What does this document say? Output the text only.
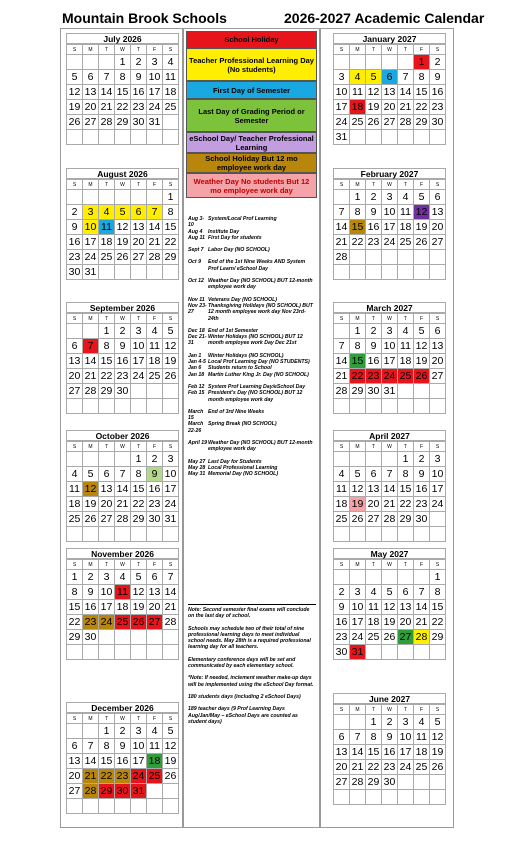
Mountain Brook Schools	2026-2027 Academic Calendar
July 2026
S	M	T	W	T	F	S
			1	2	3	4
5	6	7	8	9	10	11
12	13	14	15	16	17	18
19	20	21	22	23	24	25
26	27	28	29	30	31	

August 2026
S	M	T	W	T	F	S
						1
2	3	4	5	6	7	8
9	10	11	12	13	14	15
16	17	18	19	20	21	22
23	24	25	26	27	28	29
30	31					
September 2026
S	M	T	W	T	F	S
		1	2	3	4	5
6	7	8	9	10	11	12
13	14	15	16	17	18	19
20	21	22	23	24	25	26
27	28	29	30			

October 2026
S	M	T	W	T	F	S
				1	2	3
4	5	6	7	8	9	10
11	12	13	14	15	16	17
18	19	20	21	22	23	24
25	26	27	28	29	30	31

November 2026
S	M	T	W	T	F	S
1	2	3	4	5	6	7
8	9	10	11	12	13	14
15	16	17	18	19	20	21
22	23	24	25	26	27	28
29	30					

December 2026
S	M	T	W	T	F	S
		1	2	3	4	5
6	7	8	9	10	11	12
13	14	15	16	17	18	19
20	21	22	23	24	25	26
27	28	29	30	31		

January 2027
S	M	T	W	T	F	S
					1	2
3	4	5	6	7	8	9
10	11	12	13	14	15	16
17	18	19	20	21	22	23
24	25	26	27	28	29	30
31						
February 2027
S	M	T	W	T	F	S
	1	2	3	4	5	6
7	8	9	10	11	12	13
14	15	16	17	18	19	20
21	22	23	24	25	26	27
28						

March 2027
S	M	T	W	T	F	S
	1	2	3	4	5	6
7	8	9	10	11	12	13
14	15	16	17	18	19	20
21	22	23	24	25	26	27
28	29	30	31			

April 2027
S	M	T	W	T	F	S
				1	2	3
4	5	6	7	8	9	10
11	12	13	14	15	16	17
18	19	20	21	22	23	24
25	26	27	28	29	30	

May 2027
S	M	T	W	T	F	S
						1
2	3	4	5	6	7	8
9	10	11	12	13	14	15
16	17	18	19	20	21	22
23	24	25	26	27	28	29
30	31					
June 2027
S	M	T	W	T	F	S
		1	2	3	4	5
6	7	8	9	10	11	12
13	14	15	16	17	18	19
20	21	22	23	24	25	26
27	28	29	30			

School Holiday
Teacher Professional Learning Day (No students)
First Day of Semester
Last Day of Grading Period or Semester
eSchool Day/ Teacher Professional Learning
School Holiday But 12 mo employee work day
Weather Day No students But 12 mo employee work day
Aug 3-10
System/Local Prof Learning
Aug 4	Institute Day
Aug 11 First Day for students
Sept 7 Labor Day (NO SCHOOL)
Oct 9	End of the 1st Nine Weeks AND System Prof Learn/ eSchool Day
Oct 12 Weather Day (NO SCHOOL) BUT 12-month employee work day
Nov 11 Veterans Day (NO SCHOOL)
Nov 23-27
Thanksgiving Holidays (NO SCHOOL) BUT 12 month employee work day Nov 23rd-24th
Dec 18 End of 1st Semester
Dec 21-31
Winter Holidays (NO SCHOOL) BUT 12 month employee work Day Dec 21st
Jan 1	Winter Holidays (NO SCHOOL)
Jan 4-5 Local Prof Learning Day (NO STUDENTS)
Jan 6	Students return to School
Jan 18 Martin Luther King Jr. Day (NO SCHOOL)
Feb 12 System Prof Learning Day/eSchool Day
Feb 15 President's Day (NO SCHOOL) BUT 12 month employee work day
March 15
End of 3rd Nine Weeks
March 22-26
Spring Break (NO SCHOOL)
April 19 Weather Day (NO SCHOOL) BUT 12-month employee work day
May 27 Last Day for Students
May 28 Local Professional Learning
May 31 Memorial Day (NO SCHOOL)

Note: Second semester final exams will conclude on the last day of school.

Schools may schedule two of their total of nine professional learning days to meet individual school needs. May 28th is a required professional learning day for all teachers.

Elementary conference days will be set and communicated by each elementary school.

*Note: If needed, inclement weather make-up days will be implemented using the eSchool Day format.

180 students days (including 2 eSchool Days)

189 teacher days (9 Prof Learning Days Aug/Jan/May – eSchool Days are counted as student days)
